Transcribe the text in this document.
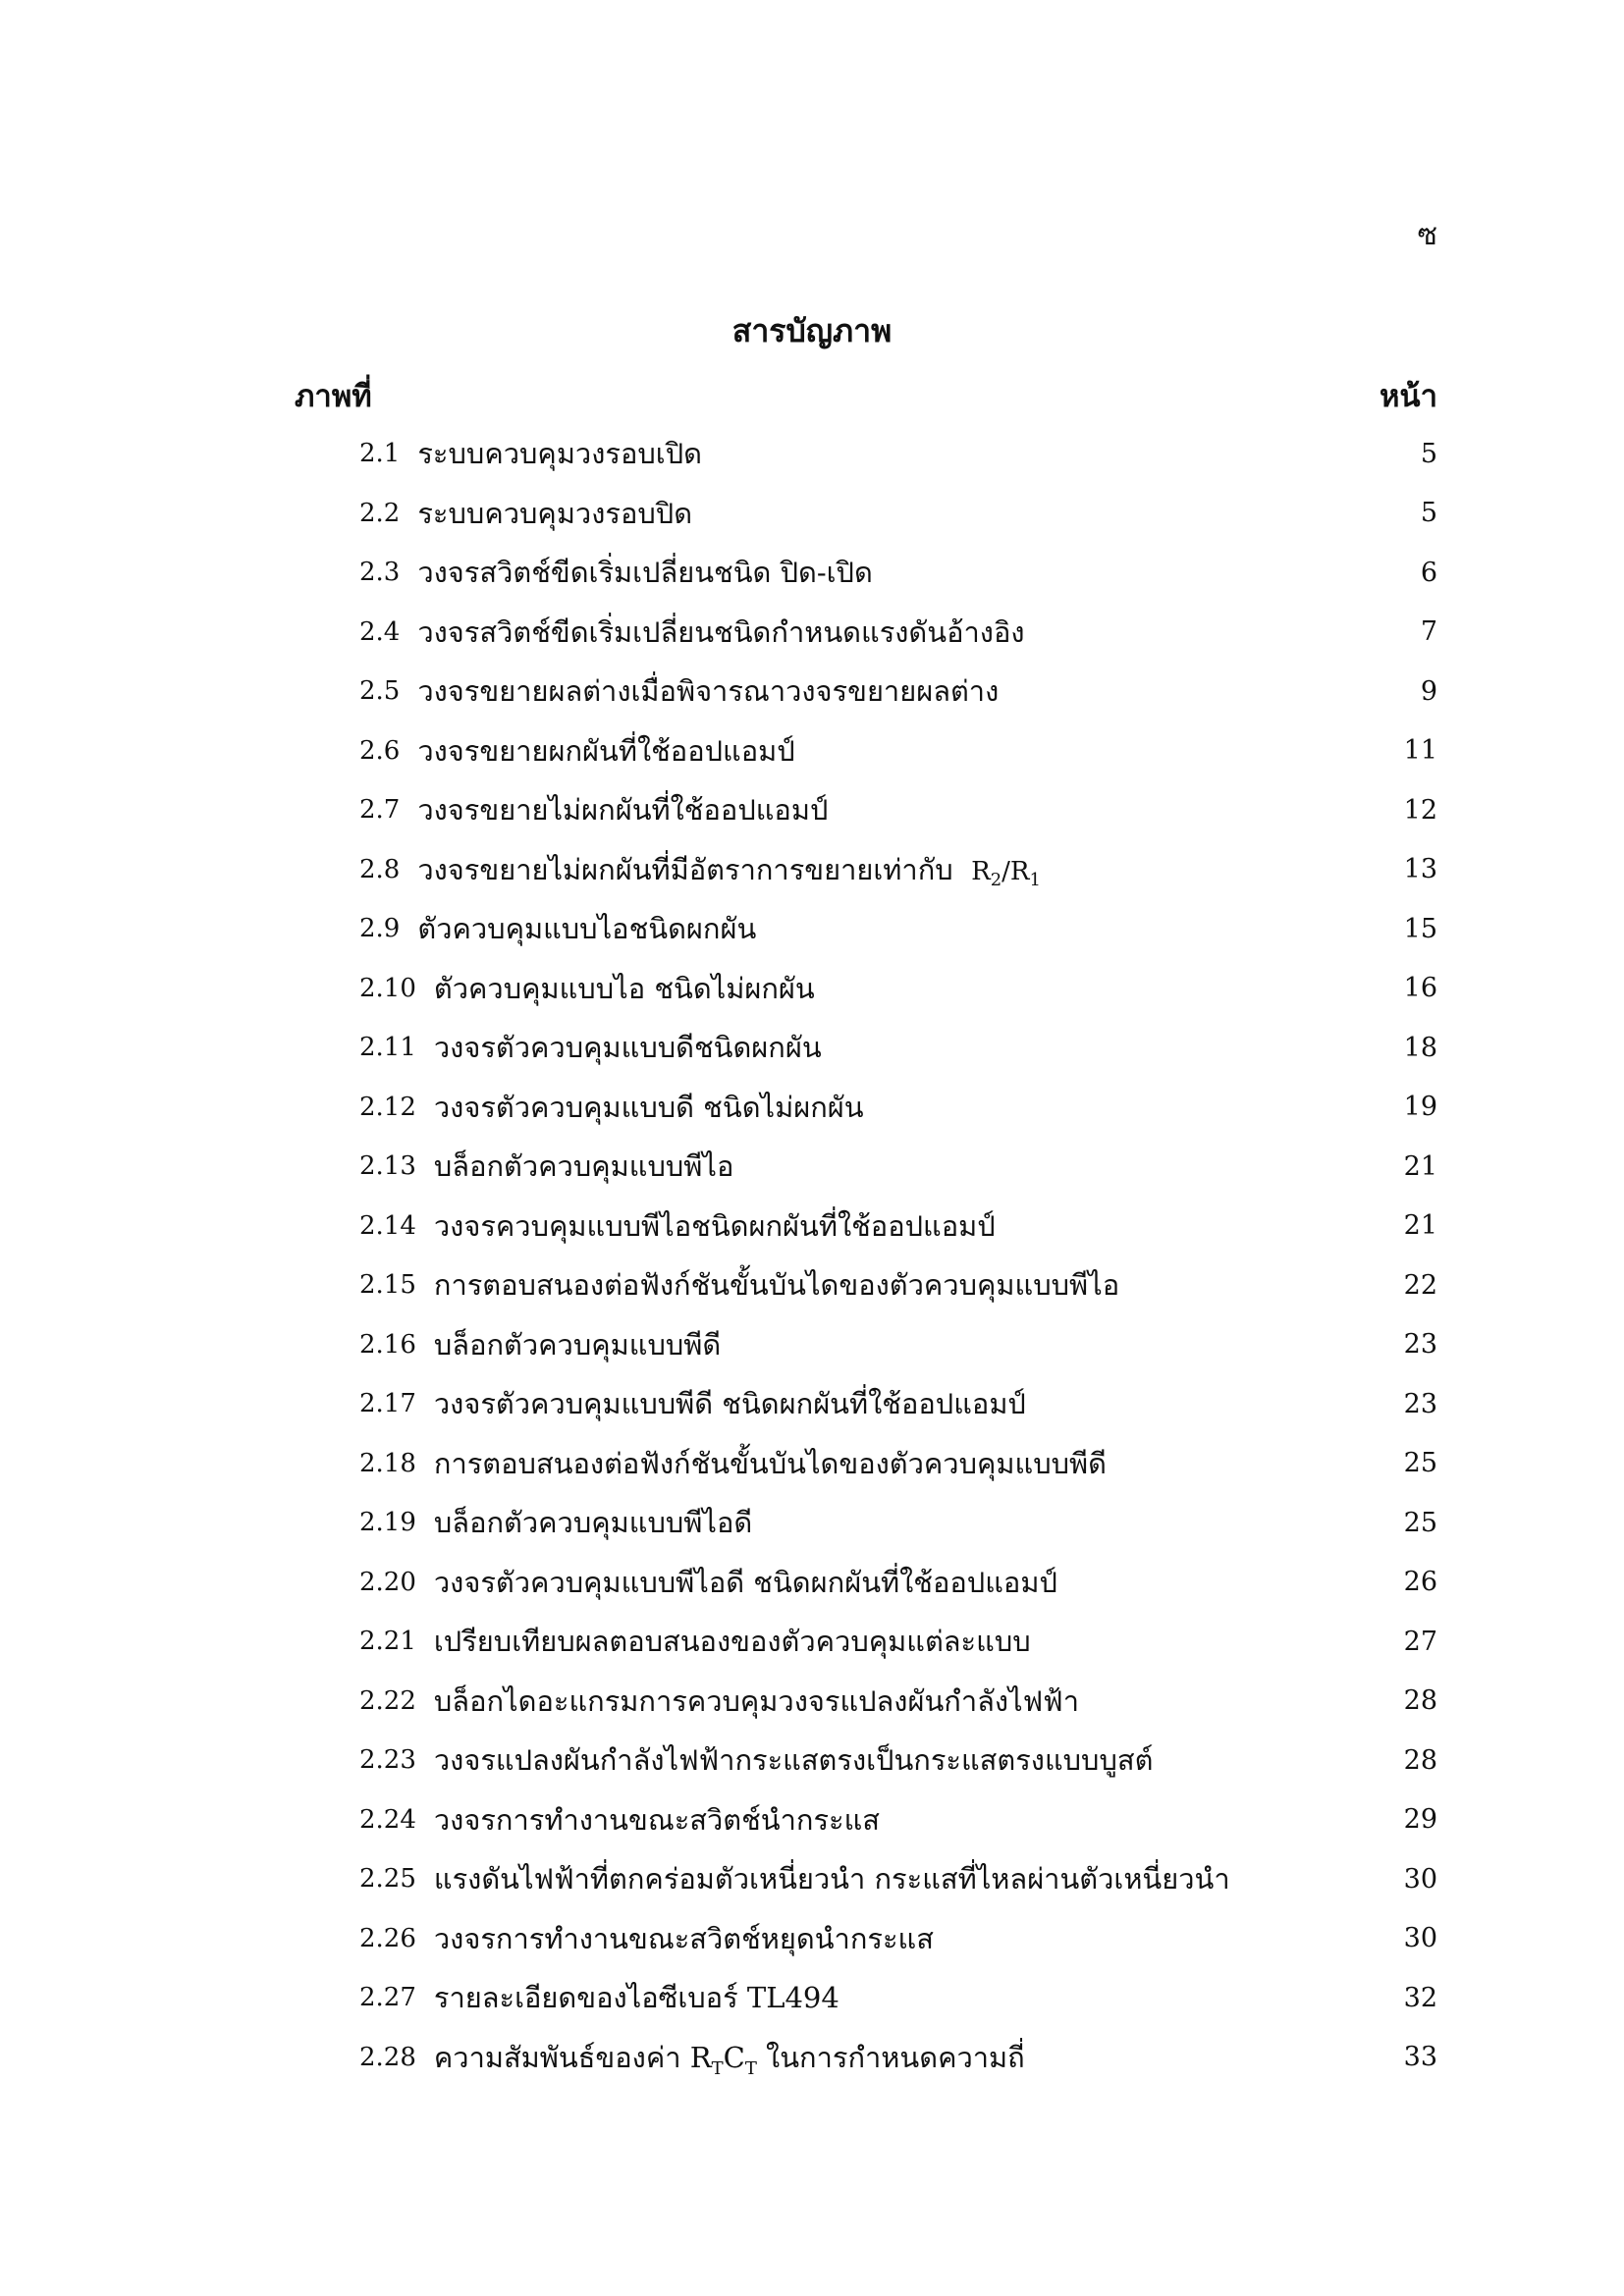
ซ
สารบัญภาพ
ภาพที่	หน้า
2.1 ระบบควบคุมวงรอบเปิด	5
2.2 ระบบควบคุมวงรอบปิด	5
2.3 วงจรสวิตช์ขีดเริ่มเปลี่ยนชนิด ปิด-เปิด	6
2.4 วงจรสวิตช์ขีดเริ่มเปลี่ยนชนิดกำหนดแรงดันอ้างอิง	7
2.5 วงจรขยายผลต่างเมื่อพิจารณาวงจรขยายผลต่าง	9
2.6 วงจรขยายผกผันที่ใช้ออปแอมป์	11
2.7 วงจรขยายไม่ผกผันที่ใช้ออปแอมป์	12
2.8 วงจรขยายไม่ผกผันที่มีอัตราการขยายเท่ากับ $R_2/R_1$	13
2.9 ตัวควบคุมแบบไอชนิดผกผัน	15
2.10 ตัวควบคุมแบบไอ ชนิดไม่ผกผัน	16
2.11 วงจรตัวควบคุมแบบดีชนิดผกผัน	18
2.12 วงจรตัวควบคุมแบบดี ชนิดไม่ผกผัน	19
2.13 บล็อกตัวควบคุมแบบพีไอ	21
2.14 วงจรควบคุมแบบพีไอชนิดผกผันที่ใช้ออปแอมป์	21
2.15 การตอบสนองต่อฟังก์ชันขั้นบันไดของตัวควบคุมแบบพีไอ	22
2.16 บล็อกตัวควบคุมแบบพีดี	23
2.17 วงจรตัวควบคุมแบบพีดี ชนิดผกผันที่ใช้ออปแอมป์	23
2.18 การตอบสนองต่อฟังก์ชันขั้นบันไดของตัวควบคุมแบบพีดี	25
2.19 บล็อกตัวควบคุมแบบพีไอดี	25
2.20 วงจรตัวควบคุมแบบพีไอดี ชนิดผกผันที่ใช้ออปแอมป์	26
2.21 เปรียบเทียบผลตอบสนองของตัวควบคุมแต่ละแบบ	27
2.22 บล็อกไดอะแกรมการควบคุมวงจรแปลงผันกำลังไฟฟ้า	28
2.23 วงจรแปลงผันกำลังไฟฟ้ากระแสตรงเป็นกระแสตรงแบบบูสต์	28
2.24 วงจรการทำงานขณะสวิตช์นำกระแส	29
2.25 แรงดันไฟฟ้าที่ตกคร่อมตัวเหนี่ยวนำ กระแสที่ไหลผ่านตัวเหนี่ยวนำ	30
2.26 วงจรการทำงานขณะสวิตช์หยุดนำกระแส	30
2.27 รายละเอียดของไอซีเบอร์ TL494	32
2.28 ความสัมพันธ์ของค่า $R_TC_T$ ในการกำหนดความถี่	33
